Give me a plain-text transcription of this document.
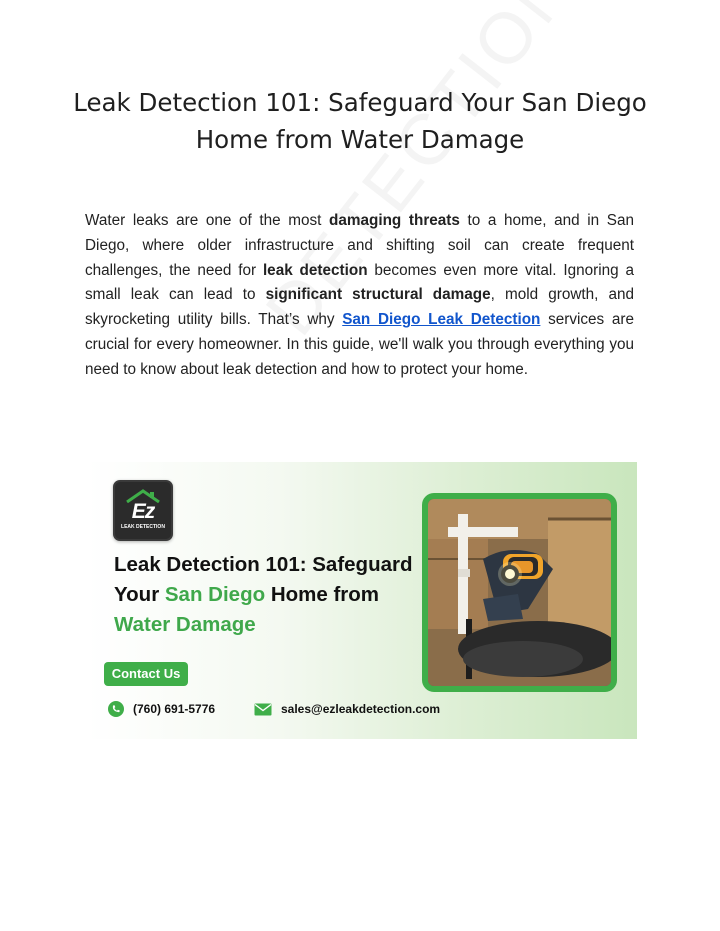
Leak Detection 101: Safeguard Your San Diego Home from Water Damage

Water leaks are one of the most damaging threats to a home, and in San Diego, where older infrastructure and shifting soil can create frequent challenges, the need for leak detection becomes even more vital. Ignoring a small leak can lead to significant structural damage, mold growth, and skyrocketing utility bills. That’s why San Diego Leak Detection services are crucial for every homeowner. In this guide, we'll walk you through everything you need to know about leak detection and how to protect your home.

Ez
LEAK DETECTION
Leak Detection 101: Safeguard
Your San Diego Home from
Water Damage
Contact Us
(760) 691-5776	sales@ezleakdetection.com
